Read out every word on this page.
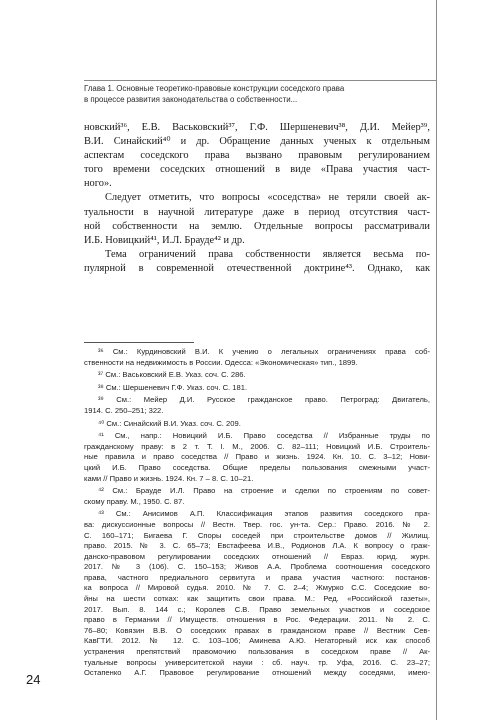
Глава 1. Основные теоретико-правовые конструкции соседского права
в процессе развития законодательства о собственности...
новский³⁶, Е.В. Васьковский³⁷, Г.Ф. Шершеневич³⁸, Д.И. Мейер³⁹,
В.И. Синайский⁴⁰ и др. Обращение данных ученых к отдельным
аспектам соседского права вызвано правовым регулированием
того времени соседских отношений в виде «Права участия част-
ного».
Следует отметить, что вопросы «соседства» не теряли своей ак-
туальности в научной литературе даже в период отсутствия част-
ной собственности на землю. Отдельные вопросы рассматривали
И.Б. Новицкий⁴¹, И.Л. Брауде⁴² и др.
Тема ограничений права собственности является весьма по-
пулярной в современной отечественной доктрине⁴³. Однако, как
³⁶ См.: Курдиновский В.И. К учению о легальных ограничениях права соб-
ственности на недвижимость в России. Одесса: «Экономическая» тип., 1899.
³⁷ См.: Васьковский Е.В. Указ. соч. С. 286.
³⁸ См.: Шершеневич Г.Ф. Указ. соч. С. 181.
³⁹ См.: Мейер Д.И. Русское гражданское право. Петроград: Двигатель,
1914. С. 250–251; 322.
⁴⁰ См.: Синайский В.И. Указ. соч. С. 209.
⁴¹ См., напр.: Новицкий И.Б. Право соседства // Избранные труды по
гражданскому праву: в 2 т. Т. I. М., 2006. С. 82–111; Новицкий И.Б. Строитель-
ные правила и право соседства // Право и жизнь. 1924. Кн. 10. С. 3–12; Нови-
цкий И.Б. Право соседства. Общие пределы пользования смежными участ-
ками // Право и жизнь. 1924. Кн. 7 – 8. С. 10–21.
⁴² См.: Брауде И.Л. Право на строение и сделки по строениям по совет-
скому праву. М., 1950. С. 87.
⁴³ См.: Анисимов А.П. Классификация этапов развития соседского пра-
ва: дискуссионные вопросы // Вестн. Твер. гос. ун-та. Сер.: Право. 2016. № 2.
С. 160–171; Бигаева Г. Споры соседей при строительстве домов // Жилищ.
право. 2015. № 3. С. 65–73; Евстафеева И.В., Родионов Л.А. К вопросу о граж-
данско-правовом регулировании соседских отношений // Евраз. юрид. журн.
2017. № 3 (106). С. 150–153; Живов А.А. Проблема соотношения соседского
права, частного предиального сервитута и права участия частного: постанов-
ка вопроса // Мировой судья. 2010. № 7. С. 2–4; Жмурко С.С. Соседские во-
йны на шести сотках: как защитить свои права. М.: Ред. «Российской газеты»,
2017. Вып. 8. 144 с.; Королев С.В. Право земельных участков и соседское
право в Германии // Имуществ. отношения в Рос. Федерации. 2011. № 2. С.
76–80; Ковязин В.В. О соседских правах в гражданском праве // Вестник Сев-
КавГТИ. 2012. № 12. С. 103–106; Аминева А.Ю. Негаторный иск как способ
устранения препятствий правомочию пользования в соседском праве // Ак-
туальные вопросы университетской науки : сб. науч. тр. Уфа, 2016. С. 23–27;
Остапенко А.Г. Правовое регулирование отношений между соседями, имею-
24
